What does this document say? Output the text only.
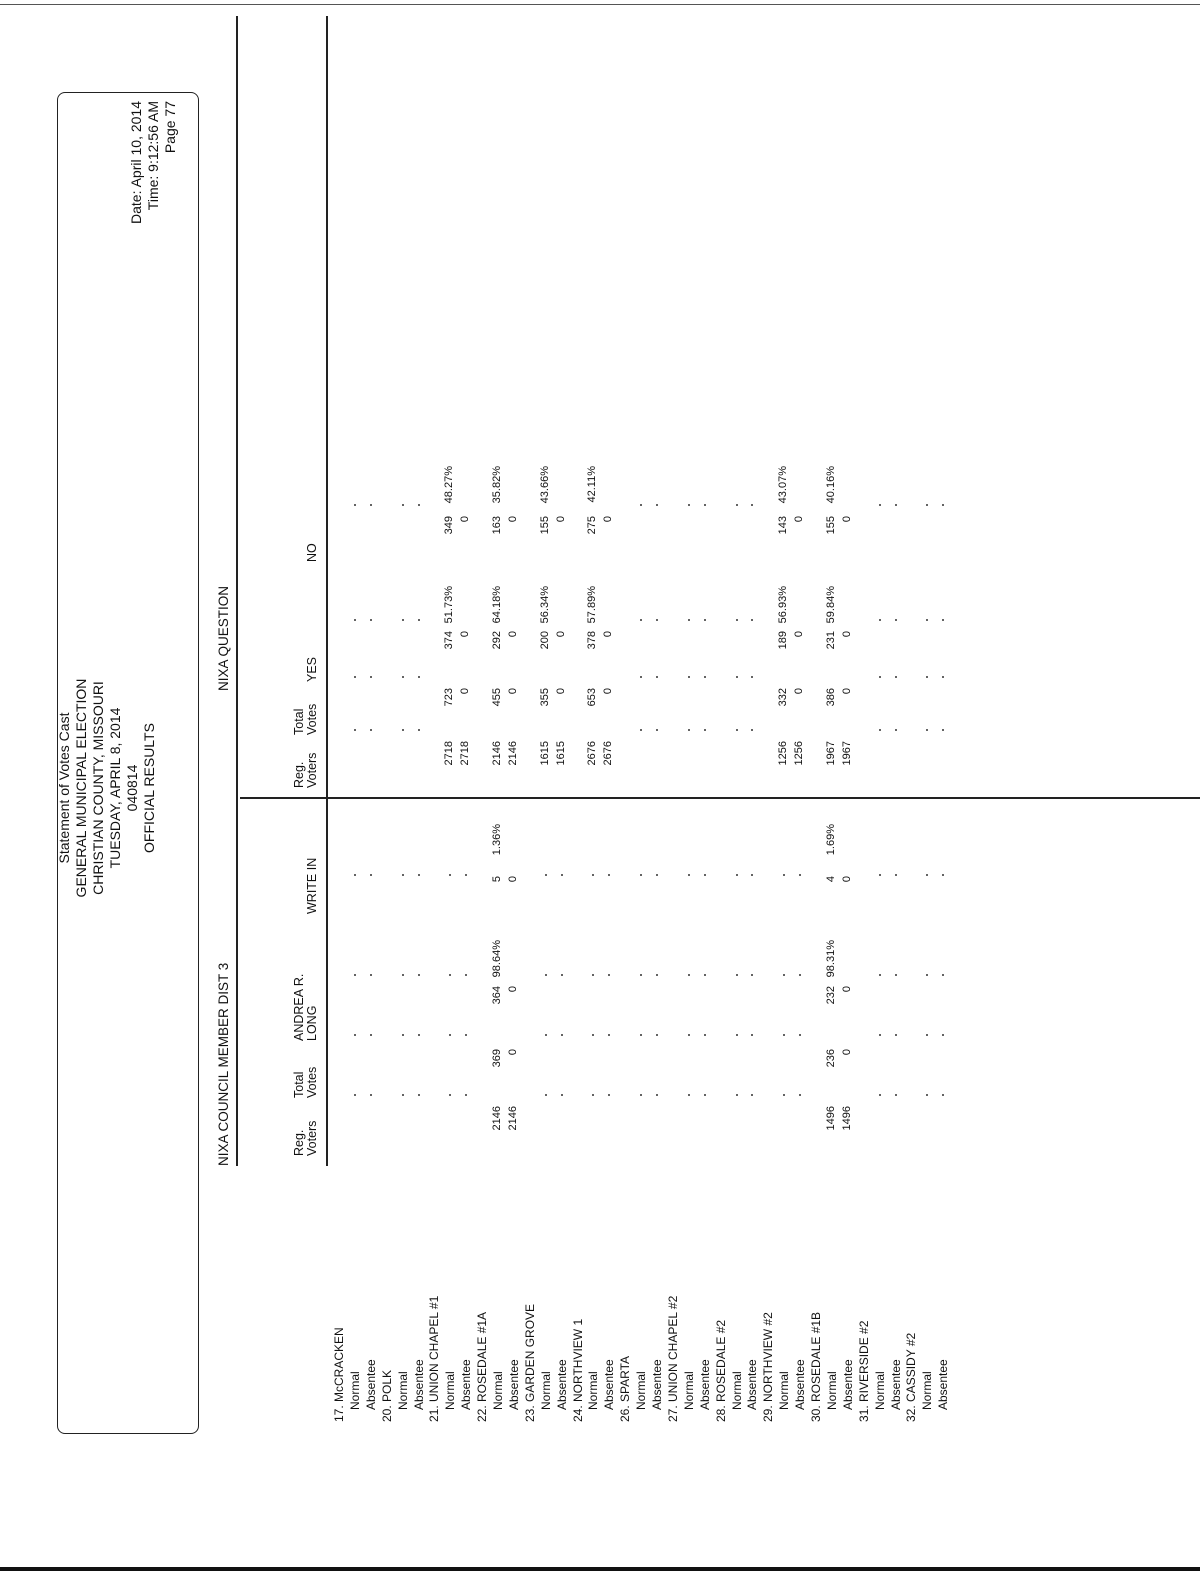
Statement of Votes Cast GENERAL MUNICIPAL ELECTION CHRISTIAN COUNTY, MISSOURI TUESDAY, APRIL 8, 2014 040814 OFFICIAL RESULTS
Date: April 10, 2014 Time: 9:12:56 AM Page 77
NIXA COUNCIL MEMBER DIST 3
NIXA QUESTION
Reg.
Voters
Total
Votes
ANDREA R.
LONG
WRITE IN
Reg.
Voters
Total
Votes
YES
NO
17. McCRACKEN Normal Absentee 20. POLK Normal Absentee 21. UNION CHAPEL #1 Normal
2718
723
374
51.73%
349
48.27%
Absentee
2718
0
0
0
22. ROSEDALE #1A Normal
2146
369
364
98.64%
5
1.36%
2146
455
292
64.18%
163
35.82%
Absentee
2146
0
0
0
2146
0
0
0
23. GARDEN GROVE Normal
1615
355
200
56.34%
155
43.66%
Absentee
1615
0
0
0
24. NORTHVIEW 1 Normal
2676
653
378
57.89%
275
42.11%
Absentee
2676
0
0
0
26. SPARTA Normal Absentee 27. UNION CHAPEL #2 Normal Absentee 28. ROSEDALE #2 Normal Absentee 29. NORTHVIEW #2 Normal
1256
332
189
56.93%
143
43.07%
Absentee
1256
0
0
0
30. ROSEDALE #1B Normal
1496
236
232
98.31%
4
1.69%
1967
386
231
59.84%
155
40.16%
Absentee
1496
0
0
0
1967
0
0
0
31. RIVERSIDE #2 Normal Absentee 32. CASSIDY #2 Normal Absentee
